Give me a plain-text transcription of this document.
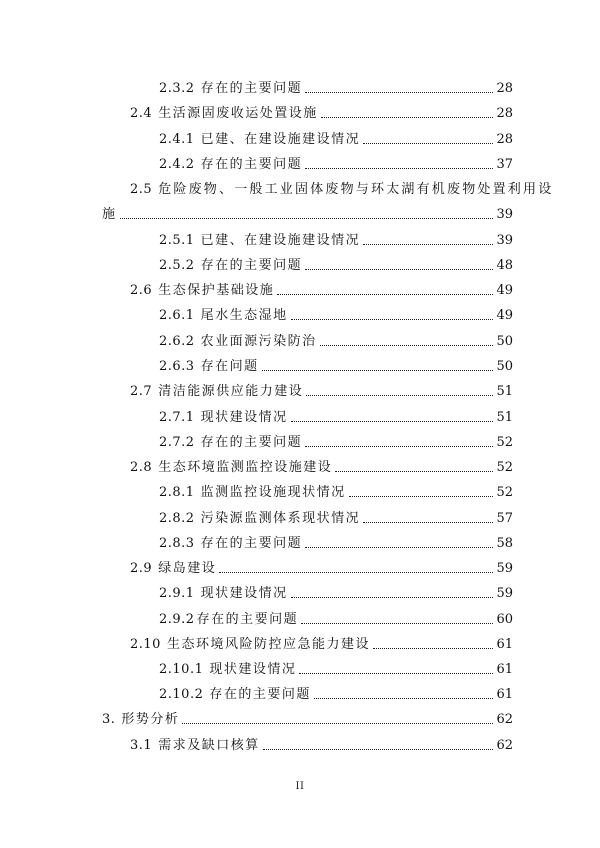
2.3.2 存在的主要问题	28
2.4 生活源固废收运处置设施	28
2.4.1 已建、在建设施建设情况	28
2.4.2 存在的主要问题	37
2.5 危险废物、一般工业固体废物与环太湖有机废物处置利用设
施	39
2.5.1 已建、在建设施建设情况	39
2.5.2 存在的主要问题	48
2.6 生态保护基础设施	49
2.6.1 尾水生态湿地	49
2.6.2 农业面源污染防治	50
2.6.3 存在问题	50
2.7 清洁能源供应能力建设	51
2.7.1 现状建设情况	51
2.7.2 存在的主要问题	52
2.8 生态环境监测监控设施建设	52
2.8.1 监测监控设施现状情况	52
2.8.2 污染源监测体系现状情况	57
2.8.3 存在的主要问题	58
2.9 绿岛建设	59
2.9.1 现状建设情况	59
2.9.2 存在的主要问题	60
2.10 生态环境风险防控应急能力建设	61
2.10.1 现状建设情况	61
2.10.2 存在的主要问题	61
3. 形势分析	62
3.1 需求及缺口核算	62
II
